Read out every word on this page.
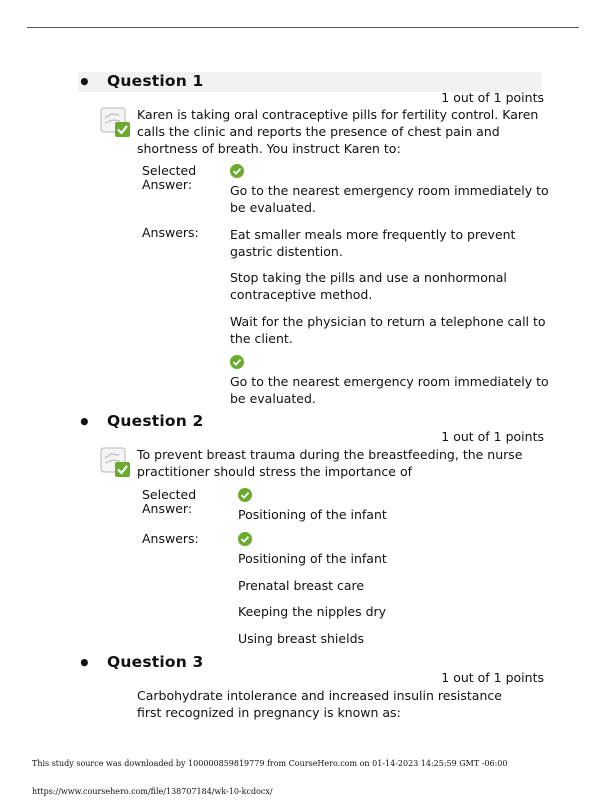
• Question 1
1 out of 1 points
Karen is taking oral contraceptive pills for fertility control. Karen calls the clinic and reports the presence of chest pain and shortness of breath. You instruct Karen to:
Selected Answer:	Go to the nearest emergency room immediately to be evaluated.
Answers: Eat smaller meals more frequently to prevent gastric distention.
Stop taking the pills and use a nonhormonal contraceptive method.
Wait for the physician to return a telephone call to the client.
Go to the nearest emergency room immediately to be evaluated.
• Question 2
1 out of 1 points
To prevent breast trauma during the breastfeeding, the nurse practitioner should stress the importance of
Selected Answer:	Positioning of the infant
Answers:
Positioning of the infant
Prenatal breast care
Keeping the nipples dry
Using breast shields
• Question 3
1 out of 1 points
Carbohydrate intolerance and increased insulin resistance first recognized in pregnancy is known as:
This study source was downloaded by 100000859819779 from CourseHero.com on 01-14-2023 14:25:59 GMT -06:00
https://www.coursehero.com/file/138707184/wk-10-kcdocx/
